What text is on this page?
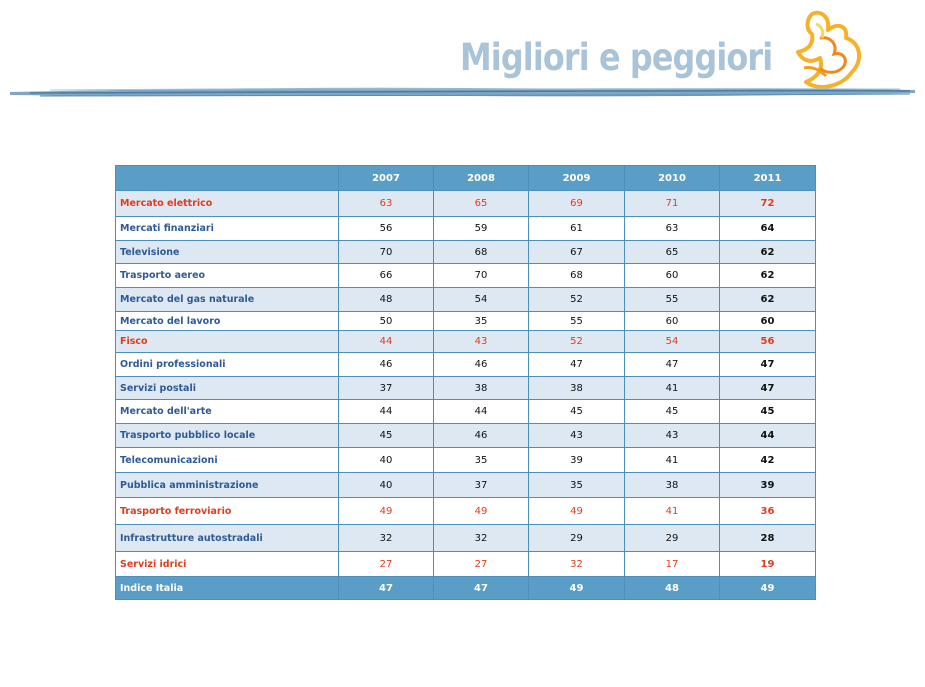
Migliori e peggiori
	2007	2008	2009	2010	2011
Mercato elettrico	63	65	69	71	72
Mercati finanziari	56	59	61	63	64
Televisione	70	68	67	65	62
Trasporto aereo	66	70	68	60	62
Mercato del gas naturale	48	54	52	55	62
Mercato del lavoro	50	35	55	60	60
Fisco	44	43	52	54	56
Ordini professionali	46	46	47	47	47
Servizi postali	37	38	38	41	47
Mercato dell'arte	44	44	45	45	45
Trasporto pubblico locale	45	46	43	43	44
Telecomunicazioni	40	35	39	41	42
Pubblica amministrazione	40	37	35	38	39
Trasporto ferroviario	49	49	49	41	36
Infrastrutture autostradali	32	32	29	29	28
Servizi idrici	27	27	32	17	19
Indice Italia	47	47	49	48	49
